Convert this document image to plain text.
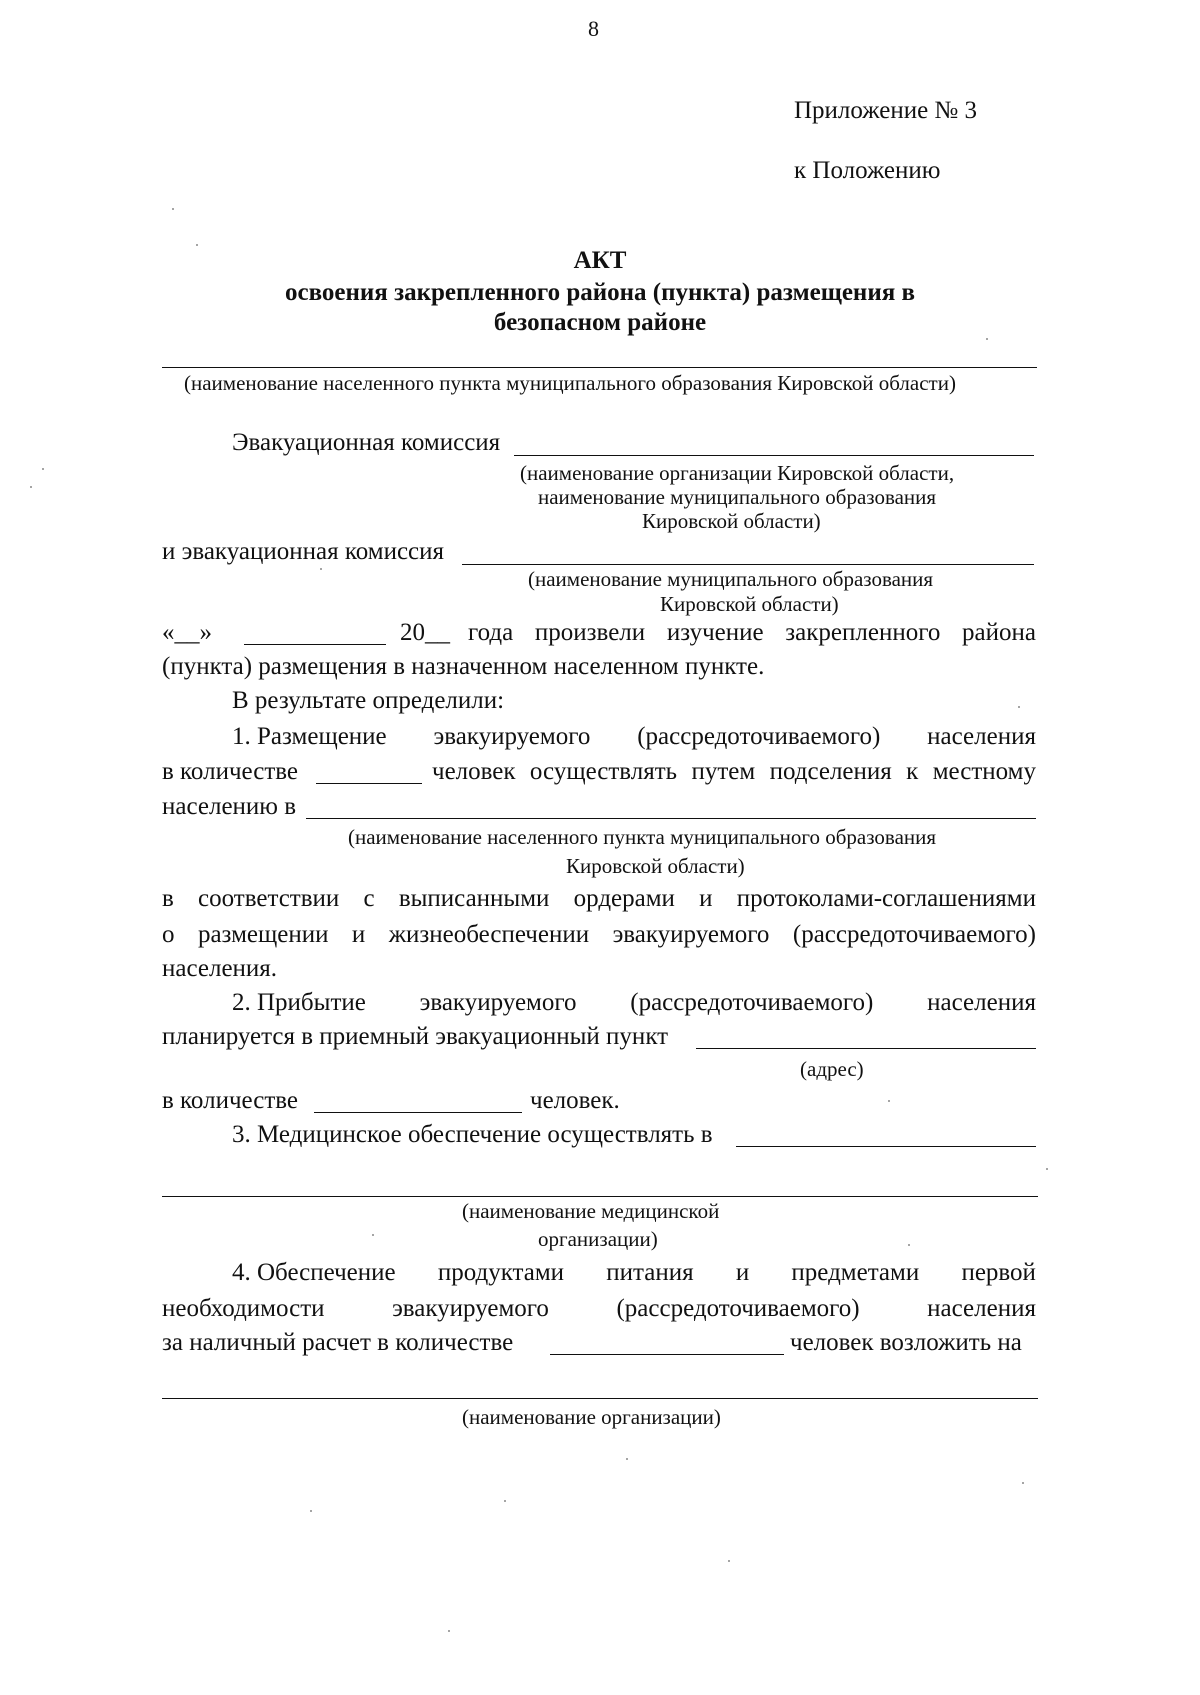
8
Приложение № 3
к Положению
АКТ
освоения закрепленного района (пункта) размещения в
безопасном районе
(наименование населенного пункта муниципального образования Кировской области)
Эвакуационная комиссия
(наименование организации Кировской области,
наименование муниципального образования
Кировской области)
и эвакуационная комиссия
(наименование муниципального образования
Кировской области)
«__»	20__ года произвели изучение закрепленного района
(пункта) размещения в назначенном населенном пункте.
В результате определили:
1. Размещение эвакуируемого (рассредоточиваемого) населения
в количестве	человек осуществлять путем подселения к местному
населению в
(наименование населенного пункта муниципального образования
Кировской области)
в соответствии с выписанными ордерами и протоколами-соглашениями
о размещении и жизнеобеспечении эвакуируемого (рассредоточиваемого)
населения.
2. Прибытие эвакуируемого (рассредоточиваемого) населения
планируется в приемный эвакуационный пункт
(адрес)
в количестве	человек.
3. Медицинское обеспечение осуществлять в
(наименование медицинской
организации)
4. Обеспечение продуктами питания и предметами первой
необходимости	эвакуируемого	(рассредоточиваемого)	населения
за наличный расчет в количестве	человек возложить на
(наименование организации)
